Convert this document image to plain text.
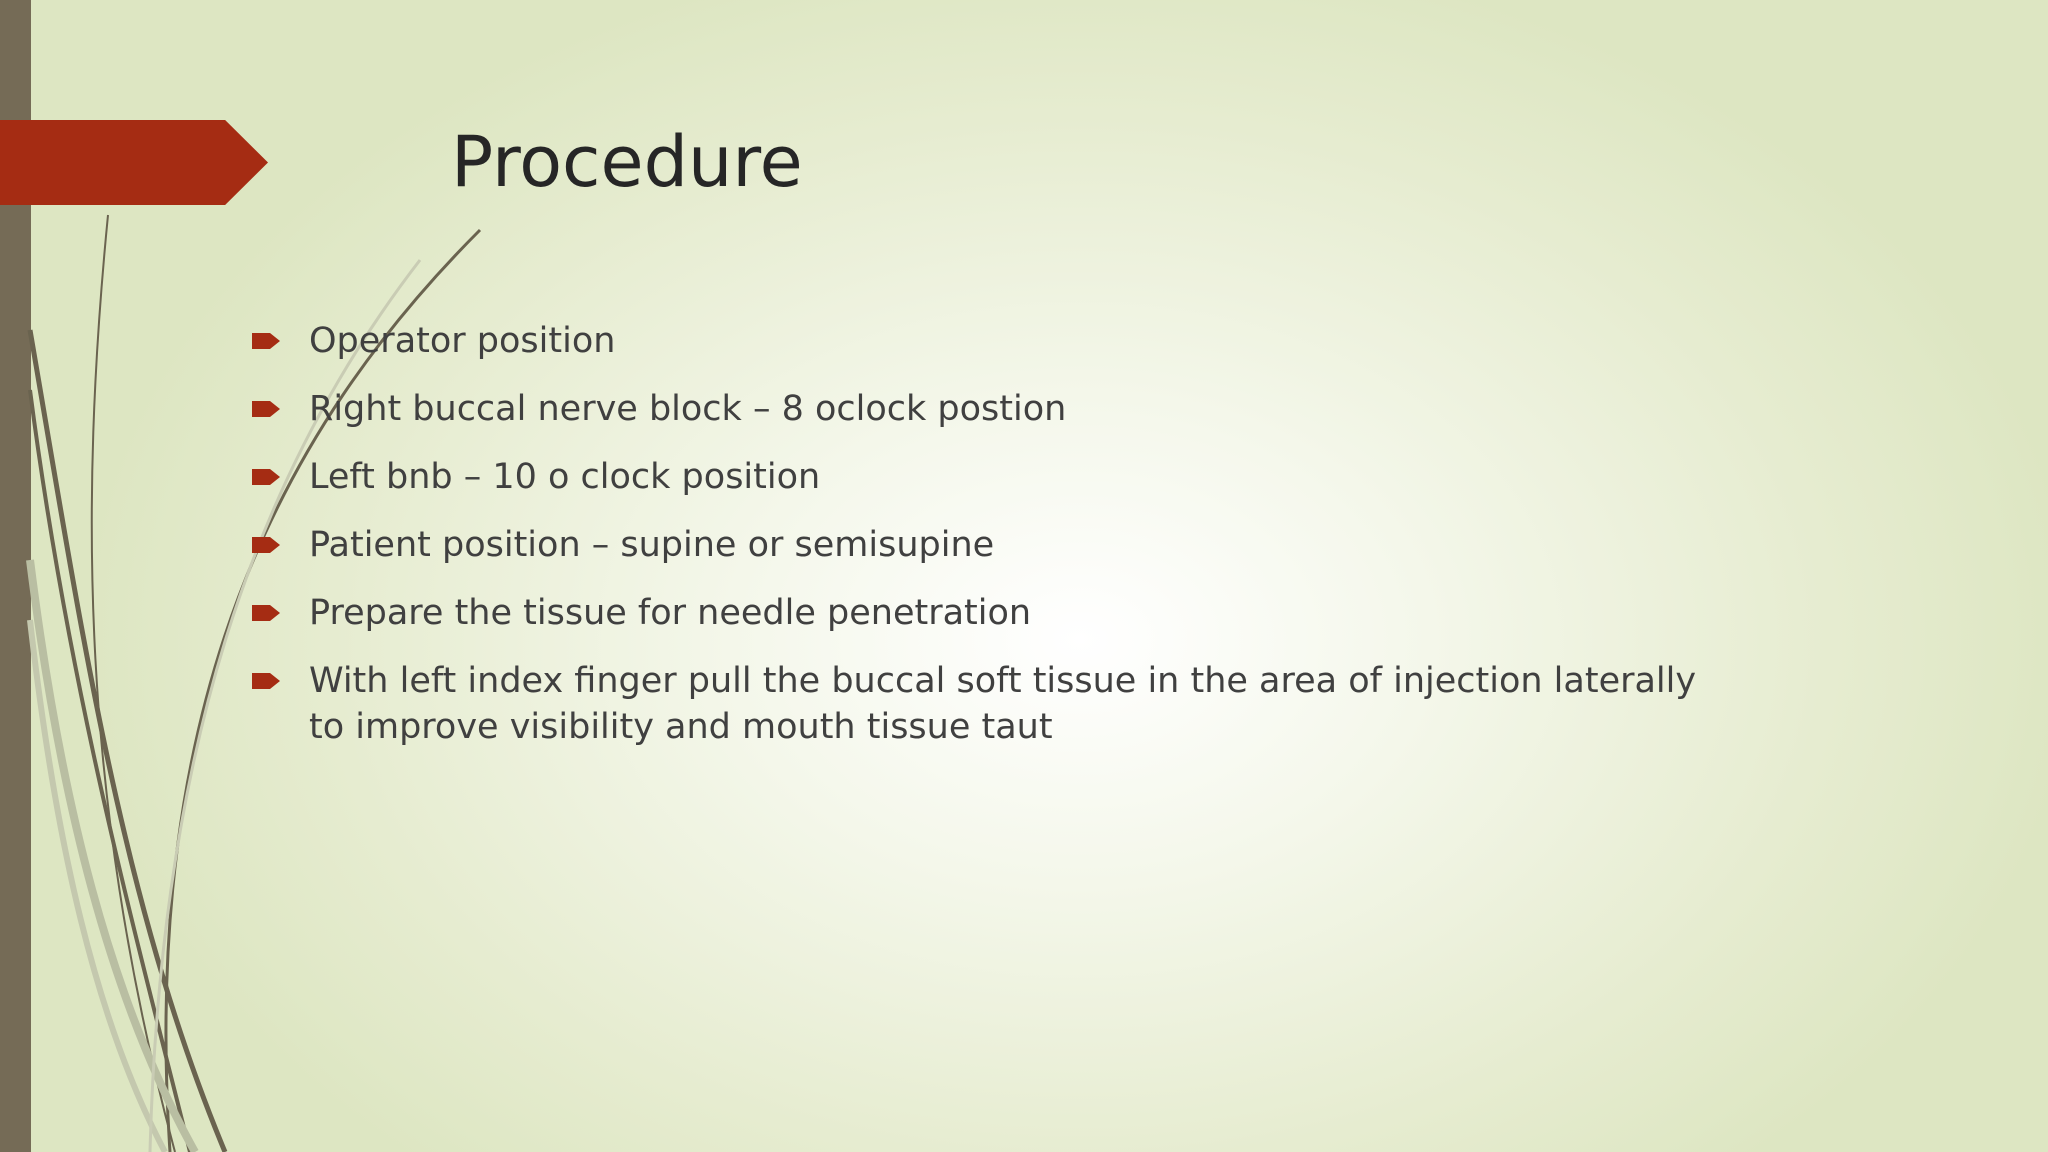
Procedure
Operator position
Right buccal nerve block – 8 oclock postion
Left bnb – 10 o clock position
Patient position – supine or semisupine
Prepare the tissue for needle penetration
With left index finger pull the buccal soft tissue in the area of injection laterally to improve visibility and mouth tissue taut
